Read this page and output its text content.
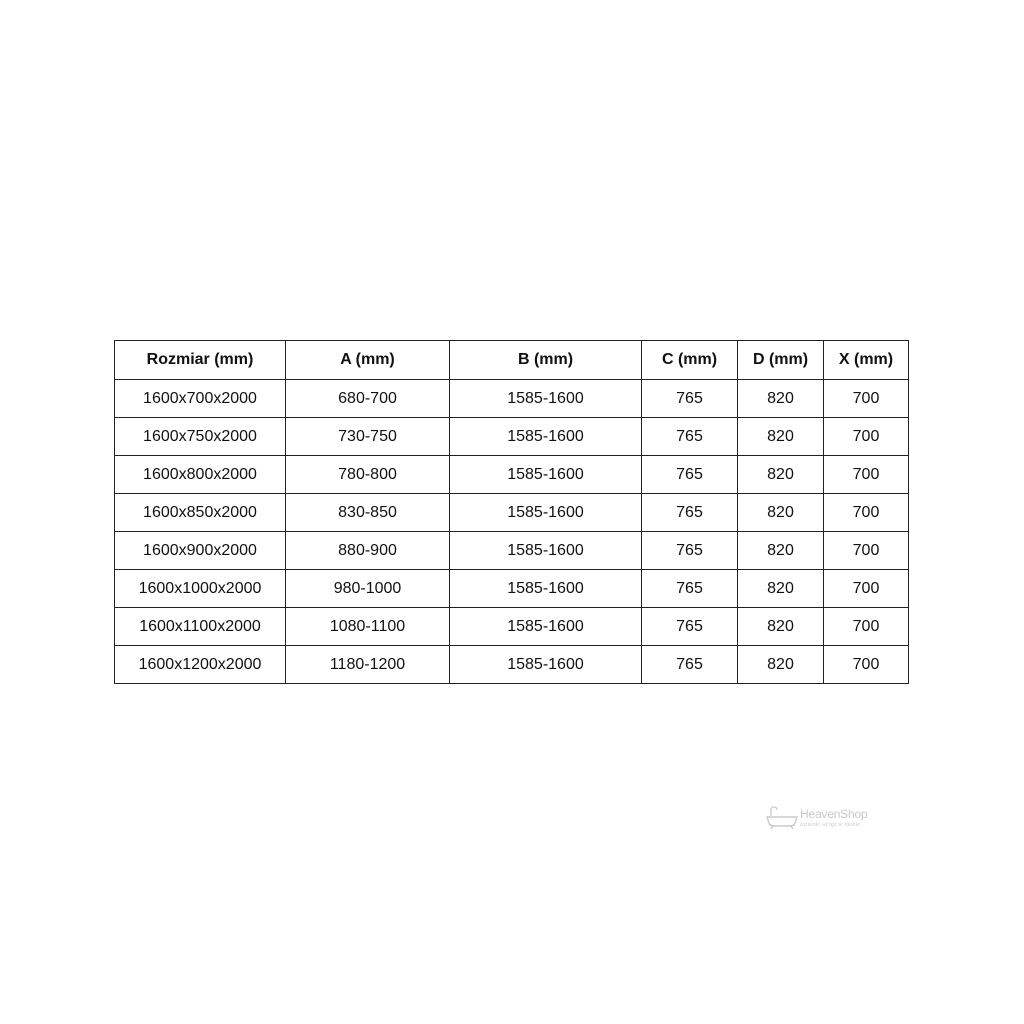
Rozmiar (mm)	A (mm)	B (mm)	C (mm)	D (mm)	X (mm)
1600x700x2000	680-700	1585-1600	765	820	700
1600x750x2000	730-750	1585-1600	765	820	700
1600x800x2000	780-800	1585-1600	765	820	700
1600x850x2000	830-850	1585-1600	765	820	700
1600x900x2000	880-900	1585-1600	765	820	700
1600x1000x2000	980-1000	1585-1600	765	820	700
1600x1100x2000	1080-1100	1585-1600	765	820	700
1600x1200x2000	1180-1200	1585-1600	765	820	700
HeavenShop
łazienki wciąż w niebie
